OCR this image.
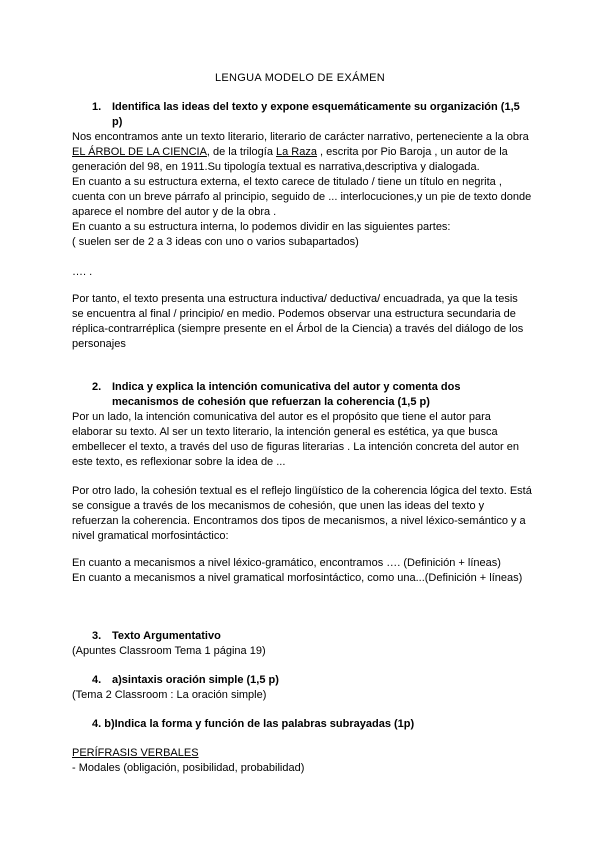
LENGUA MODELO DE EXÁMEN
1. Identifica las ideas del texto y expone esquemáticamente su organización (1,5 p)

Nos encontramos ante un texto literario, literario de carácter narrativo, perteneciente a la obra EL ÁRBOL DE LA CIENCIA, de la trilogía La Raza , escrita por Pio Baroja , un autor de la generación del 98, en 1911.Su tipología textual es narrativa,descriptiva y dialogada.

En cuanto a su estructura externa, el texto carece de titulado / tiene un título en negrita , cuenta con un breve párrafo al principio, seguido de ... interlocuciones,y un pie de texto donde aparece el nombre del autor y de la obra .

En cuanto a su estructura interna, lo podemos dividir en las siguientes partes:

( suelen ser de 2 a 3 ideas con uno o varios subapartados)

…. .

Por tanto, el texto presenta una estructura inductiva/ deductiva/ encuadrada, ya que la tesis se encuentra al final / principio/ en medio. Podemos observar una estructura secundaria de réplica-contrarréplica (siempre presente en el Árbol de la Ciencia) a través del diálogo de los personajes

2. Indica y explica la intención comunicativa del autor y comenta dos mecanismos de cohesión que refuerzan la coherencia (1,5 p)

Por un lado, la intención comunicativa del autor es el propósito que tiene el autor para elaborar su texto. Al ser un texto literario, la intención general es estética, ya que busca embellecer el texto, a través del uso de figuras literarias . La intención concreta del autor en este texto, es reflexionar sobre la idea de ...

Por otro lado, la cohesión textual es el reflejo lingüístico de la coherencia lógica del texto. Está se consigue a través de los mecanismos de cohesión, que unen las ideas del texto y refuerzan la coherencia. Encontramos dos tipos de mecanismos, a nivel léxico-semántico y a nivel gramatical morfosintáctico:

En cuanto a mecanismos a nivel léxico-gramático, encontramos …. (Definición + líneas)

En cuanto a mecanismos a nivel gramatical morfosintáctico, como una...(Definición + líneas)

3. Texto Argumentativo

(Apuntes Classroom Tema 1 página 19)

4. a)sintaxis oración simple (1,5 p)

(Tema 2 Classroom : La oración simple)

4. b)Indica la forma y función de las palabras subrayadas (1p)

PERÍFRASIS VERBALES

- Modales (obligación, posibilidad, probabilidad)
